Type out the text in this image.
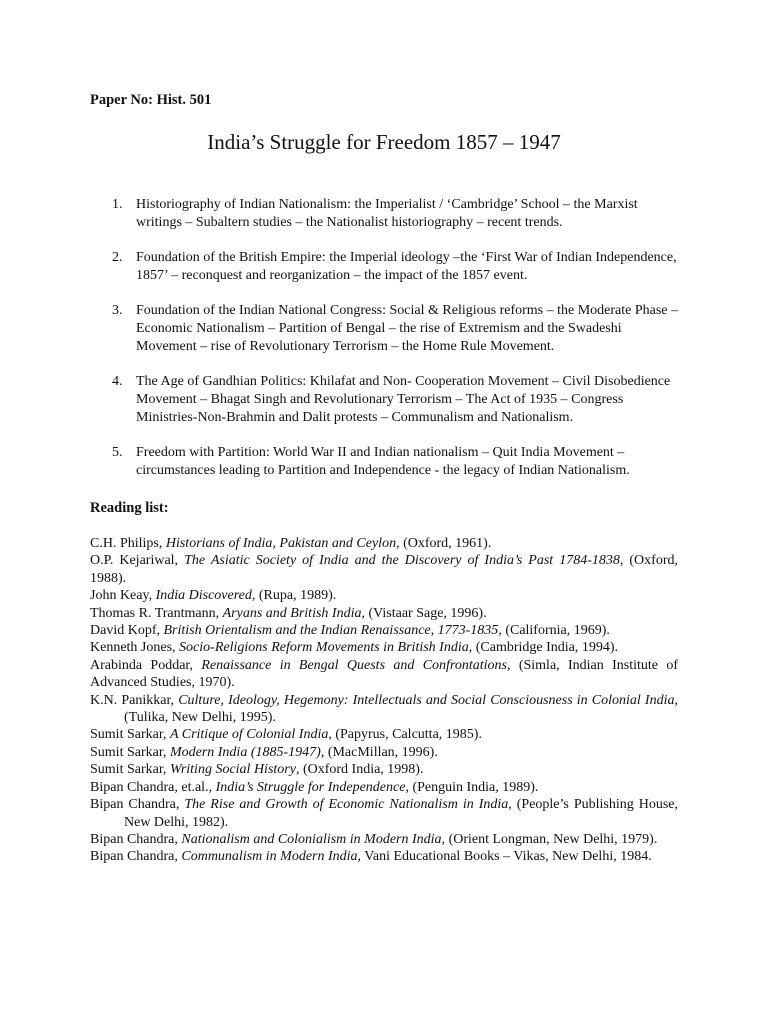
Paper No: Hist. 501
India’s Struggle for Freedom 1857 – 1947
1. Historiography of Indian Nationalism: the Imperialist / ‘Cambridge’ School – the Marxist writings – Subaltern studies – the Nationalist historiography – recent trends.
2. Foundation of the British Empire: the Imperial ideology –the ‘First War of Indian Independence, 1857’ – reconquest and reorganization – the impact of the 1857 event.
3. Foundation of the Indian National Congress: Social & Religious reforms – the Moderate Phase – Economic Nationalism – Partition of Bengal – the rise of Extremism and the Swadeshi Movement – rise of Revolutionary Terrorism – the Home Rule Movement.
4. The Age of Gandhian Politics: Khilafat and Non- Cooperation Movement – Civil Disobedience Movement – Bhagat Singh and Revolutionary Terrorism – The Act of 1935 – Congress Ministries-Non-Brahmin and Dalit protests – Communalism and Nationalism.
5. Freedom with Partition: World War II and Indian nationalism – Quit India Movement – circumstances leading to Partition and Independence - the legacy of Indian Nationalism.
Reading list:
C.H. Philips, Historians of India, Pakistan and Ceylon, (Oxford, 1961).
O.P. Kejariwal, The Asiatic Society of India and the Discovery of India’s Past 1784-1838, (Oxford, 1988).
John Keay, India Discovered, (Rupa, 1989).
Thomas R. Trantmann, Aryans and British India, (Vistaar Sage, 1996).
David Kopf, British Orientalism and the Indian Renaissance, 1773-1835, (California, 1969).
Kenneth Jones, Socio-Religions Reform Movements in British India, (Cambridge India, 1994).
Arabinda Poddar, Renaissance in Bengal Quests and Confrontations, (Simla, Indian Institute of Advanced Studies, 1970).
K.N. Panikkar, Culture, Ideology, Hegemony: Intellectuals and Social Consciousness in Colonial India, (Tulika, New Delhi, 1995).
Sumit Sarkar, A Critique of Colonial India, (Papyrus, Calcutta, 1985).
Sumit Sarkar, Modern India (1885-1947), (MacMillan, 1996).
Sumit Sarkar, Writing Social History, (Oxford India, 1998).
Bipan Chandra, et.al., India’s Struggle for Independence, (Penguin India, 1989).
Bipan Chandra, The Rise and Growth of Economic Nationalism in India, (People’s Publishing House, New Delhi, 1982).
Bipan Chandra, Nationalism and Colonialism in Modern India, (Orient Longman, New Delhi, 1979).
Bipan Chandra, Communalism in Modern India, Vani Educational Books – Vikas, New Delhi, 1984.
